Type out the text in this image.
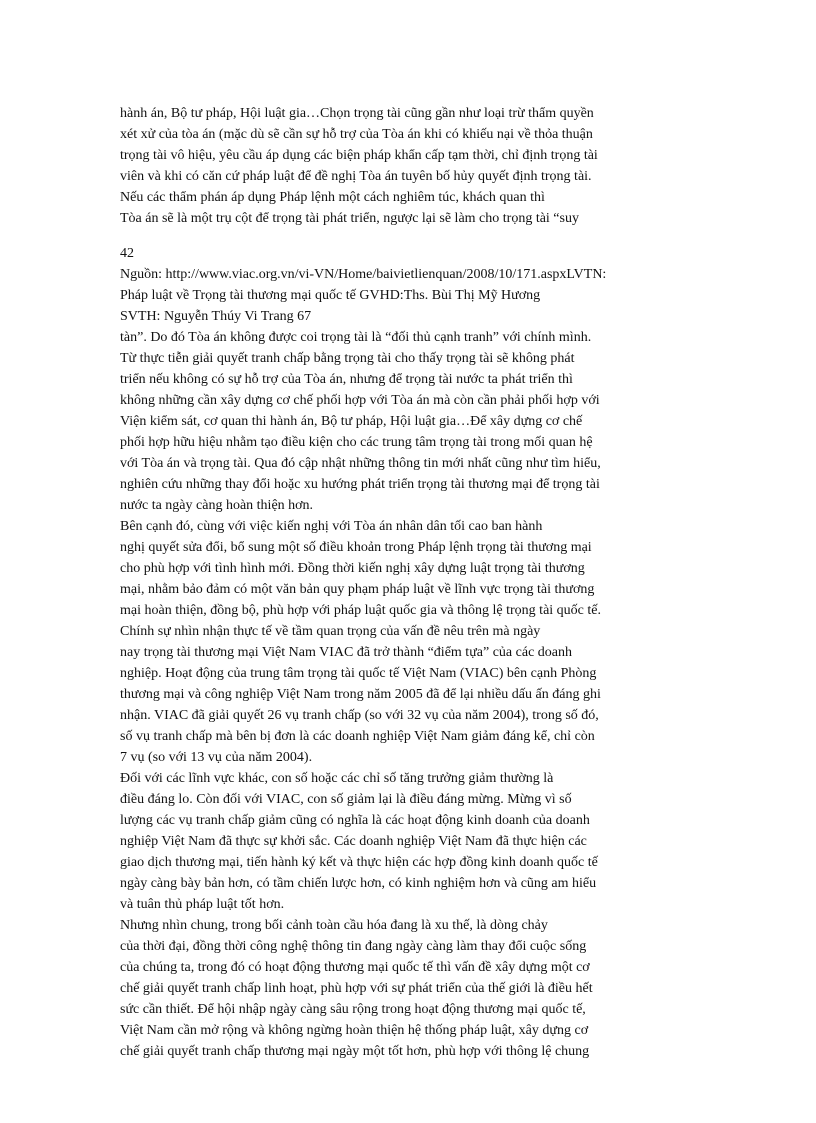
hành án, Bộ tư pháp, Hội luật gia…Chọn trọng tài cũng gần như loại trừ thẩm quyền
xét xử của tòa án (mặc dù sẽ cần sự hỗ trợ của Tòa án khi có khiếu nại về thỏa thuận
trọng tài vô hiệu, yêu cầu áp dụng các biện pháp khẩn cấp tạm thời, chỉ định trọng tài
viên và khi có căn cứ pháp luật để đề nghị Tòa án tuyên bố hủy quyết định trọng tài.
Nếu các thẩm phán áp dụng Pháp lệnh một cách nghiêm túc, khách quan thì
Tòa án sẽ là một trụ cột để trọng tài phát triển, ngược lại sẽ làm cho trọng tài “suy
42
Nguồn: http://www.viac.org.vn/vi-VN/Home/baivietlienquan/2008/10/171.aspxLVTN:
Pháp luật về Trọng tài thương mại quốc tế GVHD:Ths. Bùi Thị Mỹ Hương
SVTH: Nguyễn Thúy Vi Trang 67
tàn”. Do đó Tòa án không được coi trọng tài là “đối thủ cạnh tranh” với chính mình.
Từ thực tiễn giải quyết tranh chấp bằng trọng tài cho thấy trọng tài sẽ không phát
triển nếu không có sự hỗ trợ của Tòa án, nhưng để trọng tài nước ta phát triển thì
không những cần xây dựng cơ chế phối hợp với Tòa án mà còn cần phải phối hợp với
Viện kiểm sát, cơ quan thi hành án, Bộ tư pháp, Hội luật gia…Để xây dựng cơ chế
phối hợp hữu hiệu nhằm tạo điều kiện cho các trung tâm trọng tài trong mối quan hệ
với Tòa án và trọng tài. Qua đó cập nhật những thông tin mới nhất cũng như tìm hiểu,
nghiên cứu những thay đổi hoặc xu hướng phát triển trọng tài thương mại để trọng tài
nước ta ngày càng hoàn thiện hơn.
Bên cạnh đó, cùng với việc kiến nghị với Tòa án nhân dân tối cao ban hành
nghị quyết sửa đổi, bổ sung một số điều khoản trong Pháp lệnh trọng tài thương mại
cho phù hợp với tình hình mới. Đồng thời kiến nghị xây dựng luật trọng tài thương
mại, nhằm bảo đảm có một văn bản quy phạm pháp luật về lĩnh vực trọng tài thương
mại hoàn thiện, đồng bộ, phù hợp với pháp luật quốc gia và thông lệ trọng tài quốc tế.
Chính sự nhìn nhận thực tế về tầm quan trọng của vấn đề nêu trên mà ngày
nay trọng tài thương mại Việt Nam VIAC đã trở thành “điểm tựa” của các doanh
nghiệp. Hoạt động của trung tâm trọng tài quốc tế Việt Nam (VIAC) bên cạnh Phòng
thương mại và công nghiệp Việt Nam trong năm 2005 đã để lại nhiều dấu ấn đáng ghi
nhận. VIAC đã giải quyết 26 vụ tranh chấp (so với 32 vụ của năm 2004), trong số đó,
số vụ tranh chấp mà bên bị đơn là các doanh nghiệp Việt Nam giảm đáng kể, chỉ còn
7 vụ (so với 13 vụ của năm 2004).
Đối với các lĩnh vực khác, con số hoặc các chỉ số tăng trưởng giảm thường là
điều đáng lo. Còn đối với VIAC, con số giảm lại là điều đáng mừng. Mừng vì số
lượng các vụ tranh chấp giảm cũng có nghĩa là các hoạt động kinh doanh của doanh
nghiệp Việt Nam đã thực sự khởi sắc. Các doanh nghiệp Việt Nam đã thực hiện các
giao dịch thương mại, tiến hành ký kết và thực hiện các hợp đồng kinh doanh quốc tế
ngày càng bày bản hơn, có tầm chiến lược hơn, có kinh nghiệm hơn và cũng am hiểu
và tuân thủ pháp luật tốt hơn.
Nhưng nhìn chung, trong bối cảnh toàn cầu hóa đang là xu thế, là dòng chảy
của thời đại, đồng thời công nghệ thông tin đang ngày càng làm thay đổi cuộc sống
của chúng ta, trong đó có hoạt động thương mại quốc tế thì vấn đề xây dựng một cơ
chế giải quyết tranh chấp linh hoạt, phù hợp với sự phát triển của thế giới là điều hết
sức cần thiết. Để hội nhập ngày càng sâu rộng trong hoạt động thương mại quốc tế,
Việt Nam cần mở rộng và không ngừng hoàn thiện hệ thống pháp luật, xây dựng cơ
chế giải quyết tranh chấp thương mại ngày một tốt hơn, phù hợp với thông lệ chung
